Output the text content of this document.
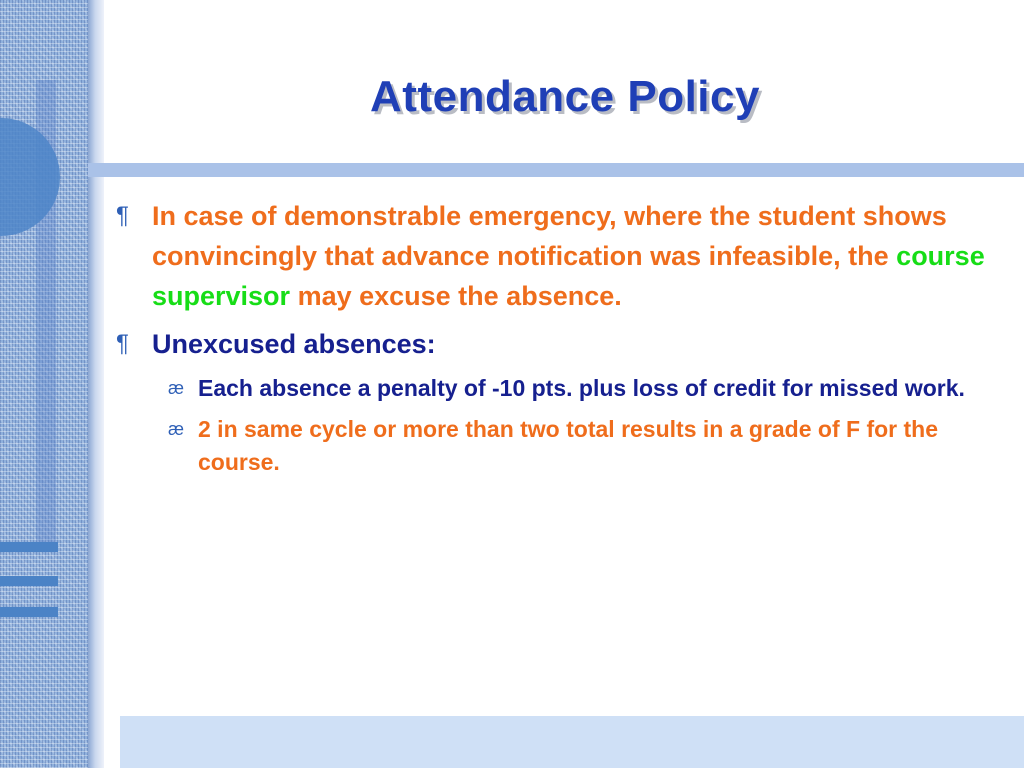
Attendance Policy
¶ In case of demonstrable emergency, where the student shows convincingly that advance notification was infeasible, the course supervisor may excuse the absence.
¶ Unexcused absences:
æ Each absence a penalty of -10 pts. plus loss of credit for missed work.
æ 2 in same cycle or more than two total results in a grade of F for the course.
